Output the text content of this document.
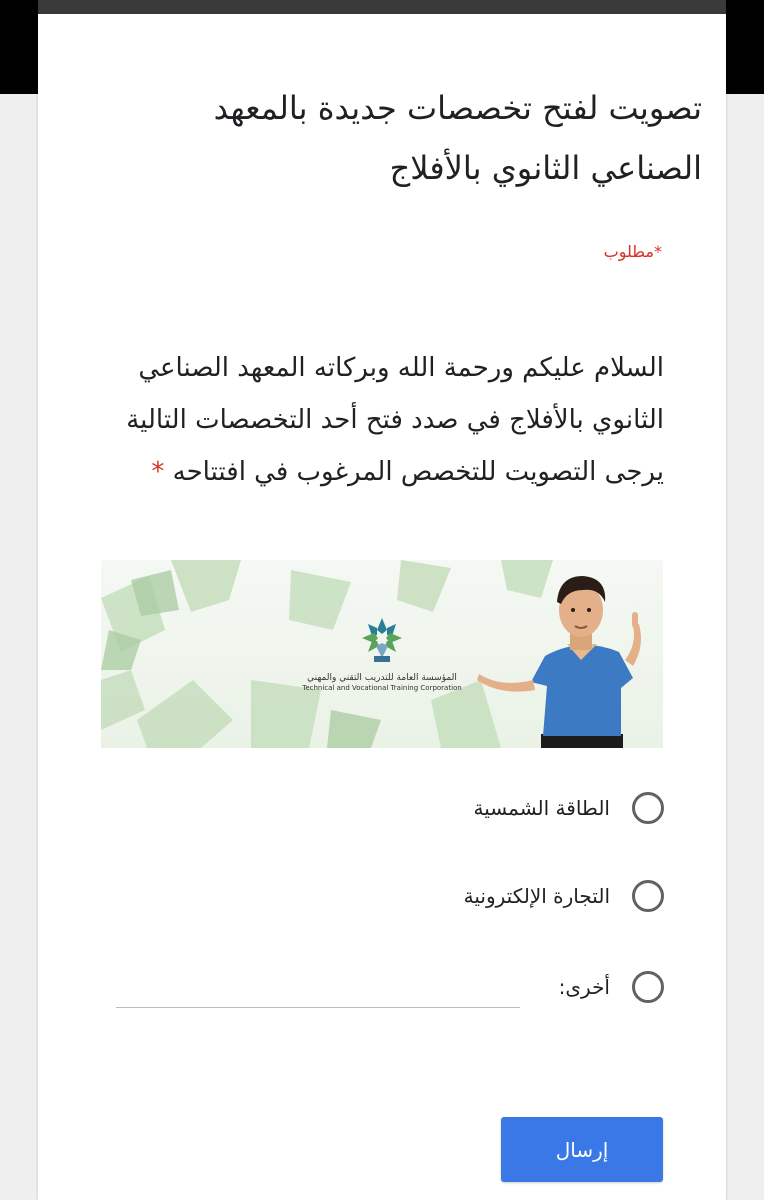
تصويت لفتح تخصصات جديدة بالمعهد الصناعي الثانوي بالأفلاج
*مطلوب
السلام عليكم ورحمة الله وبركاته المعهد الصناعي الثانوي بالأفلاج في صدد فتح أحد التخصصات التالية يرجى التصويت للتخصص المرغوب في افتتاحه *
المؤسسة العامة للتدريب التقني والمهني
Technical and Vocational Training Corporation
الطاقة الشمسية
التجارة الإلكترونية
أخرى:
إرسال
